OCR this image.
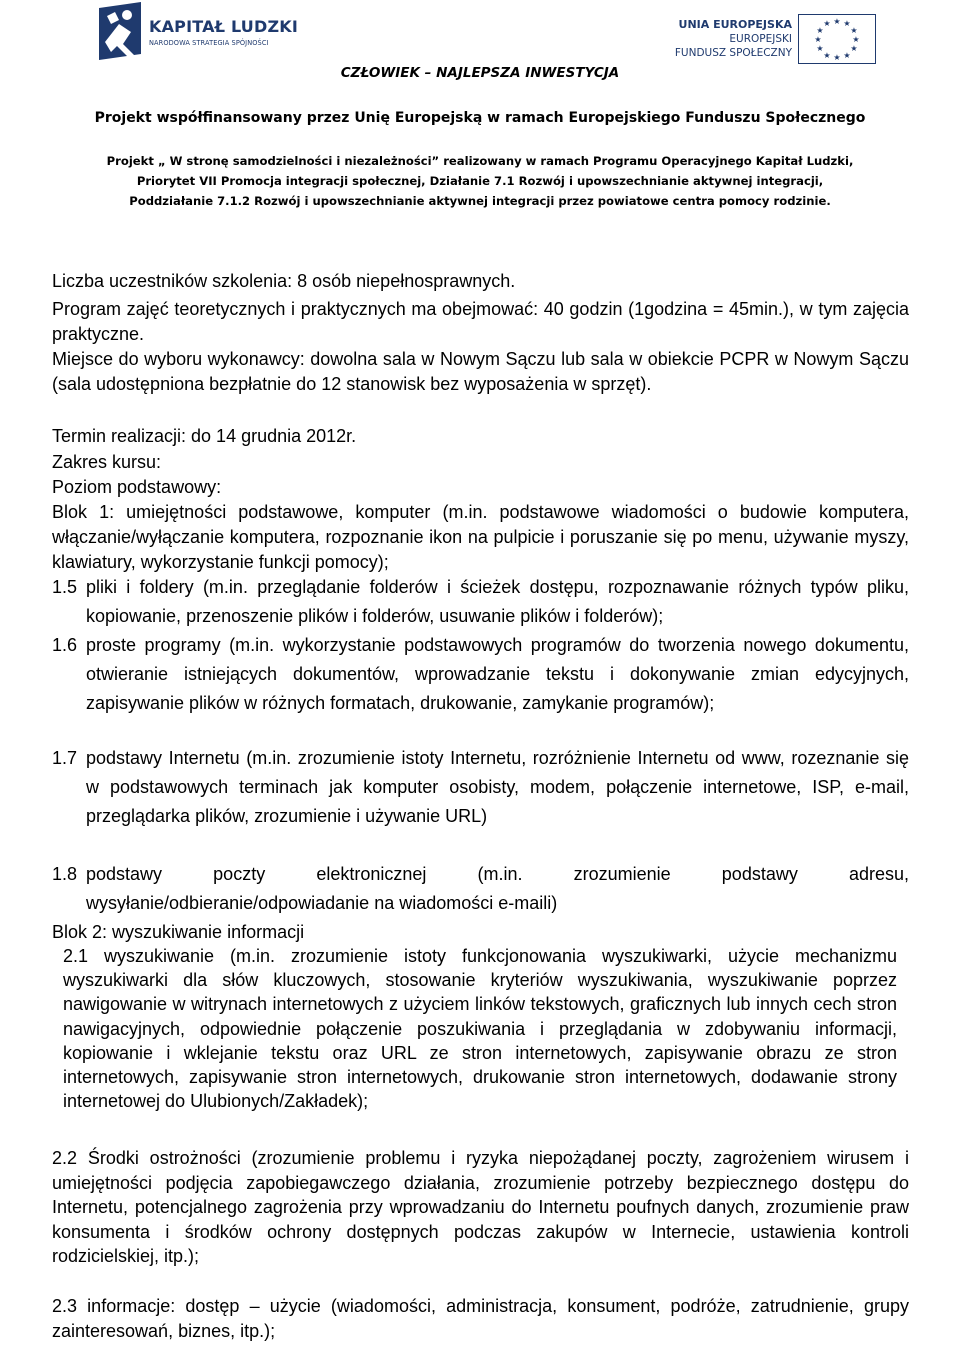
KAPITAŁ LUDZKI
NARODOWA STRATEGIA SPÓJNOŚCI
UNIA EUROPEJSKA
EUROPEJSKI
FUNDUSZ SPOŁECZNY
★ ★
★
★
★
★
★
★
★
★
★
★
CZŁOWIEK – NAJLEPSZA INWESTYCJA
Projekt współfinansowany przez Unię Europejską w ramach Europejskiego Funduszu Społecznego
Projekt „ W stronę samodzielności i niezależności” realizowany w ramach Programu Operacyjnego Kapitał Ludzki,
Priorytet VII Promocja integracji społecznej, Działanie 7.1 Rozwój i upowszechnianie aktywnej integracji,
Poddziałanie 7.1.2 Rozwój i upowszechnianie aktywnej integracji przez powiatowe centra pomocy rodzinie.
Liczba uczestników szkolenia: 8 osób niepełnosprawnych.
Program zajęć teoretycznych i praktycznych ma obejmować: 40 godzin (1godzina = 45min.), w tym zajęcia praktyczne.
Miejsce do wyboru wykonawcy: dowolna sala w Nowym Sączu lub sala w obiekcie PCPR w Nowym Sączu (sala udostępniona bezpłatnie do 12 stanowisk bez wyposażenia w sprzęt).
Termin realizacji: do 14 grudnia 2012r.
Zakres kursu:
Poziom podstawowy:
Blok 1: umiejętności podstawowe, komputer (m.in. podstawowe wiadomości o budowie komputera, włączanie/wyłączanie komputera, rozpoznanie ikon na pulpicie i poruszanie się po menu, używanie myszy, klawiatury, wykorzystanie funkcji pomocy);
1.5 pliki i foldery (m.in. przeglądanie folderów i ścieżek dostępu, rozpoznawanie różnych typów pliku, kopiowanie, przenoszenie plików i folderów, usuwanie plików i folderów);
1.6 proste programy (m.in. wykorzystanie podstawowych programów do tworzenia nowego dokumentu, otwieranie istniejących dokumentów, wprowadzanie tekstu i dokonywanie zmian edycyjnych, zapisywanie plików w różnych formatach, drukowanie, zamykanie programów);
1.7 podstawy Internetu (m.in. zrozumienie istoty Internetu, rozróżnienie Internetu od www, rozeznanie się w podstawowych terminach jak komputer osobisty, modem, połączenie internetowe, ISP, e-mail, przeglądarka plików, zrozumienie i używanie URL)
1.8 podstawy poczty elektronicznej (m.in. zrozumienie podstawy adresu, wysyłanie/odbieranie/odpowiadanie na wiadomości e-maili)
Blok 2: wyszukiwanie informacji
2.1 wyszukiwanie (m.in. zrozumienie istoty funkcjonowania wyszukiwarki, użycie mechanizmu wyszukiwarki dla słów kluczowych, stosowanie kryteriów wyszukiwania, wyszukiwanie poprzez nawigowanie w witrynach internetowych z użyciem linków tekstowych, graficznych lub innych cech stron nawigacyjnych, odpowiednie połączenie poszukiwania i przeglądania w zdobywaniu informacji, kopiowanie i wklejanie tekstu oraz URL ze stron internetowych, zapisywanie obrazu ze stron internetowych, zapisywanie stron internetowych, drukowanie stron internetowych, dodawanie strony internetowej do Ulubionych/Zakładek);
2.2 Środki ostrożności (zrozumienie problemu i ryzyka niepożądanej poczty, zagrożeniem wirusem i umiejętności podjęcia zapobiegawczego działania, zrozumienie potrzeby bezpiecznego dostępu do Internetu, potencjalnego zagrożenia przy wprowadzaniu do Internetu poufnych danych, zrozumienie praw konsumenta i środków ochrony dostępnych podczas zakupów w Internecie, ustawienia kontroli rodzicielskiej, itp.);
2.3 informacje: dostęp – użycie (wiadomości, administracja, konsument, podróże, zatrudnienie, grupy zainteresowań, biznes, itp.);
